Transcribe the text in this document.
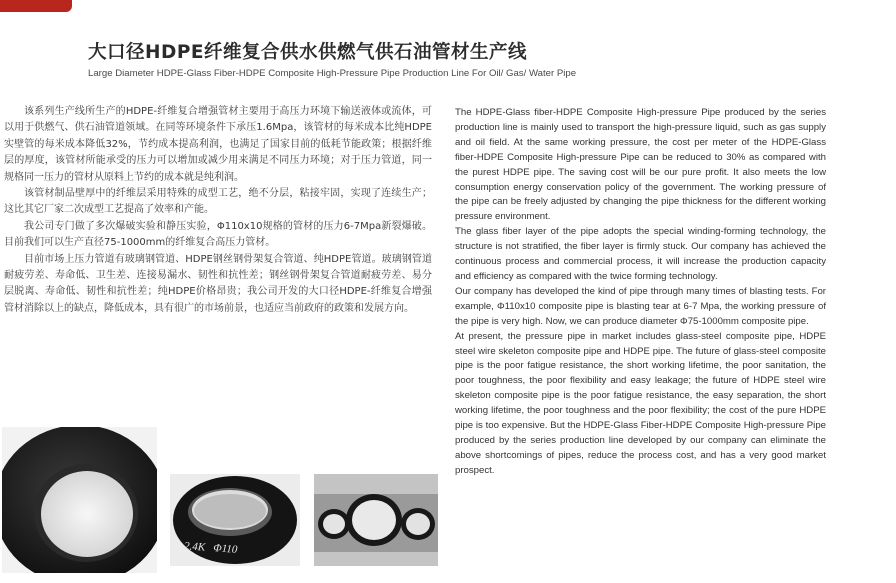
大口径HDPE纤维复合供水供燃气供石油管材生产线
Large Diameter HDPE-Glass Fiber-HDPE Composite High-Pressure Pipe Production Line For Oil/ Gas/ Water Pipe

该系列生产线所生产的HDPE-纤维复合增强管材主要用于高压力环境下输送液体或流体，可以用于供燃气、供石油管道领域。在同等环境条件下承压1.6Mpa，该管材的每米成本比纯HDPE实壁管的每米成本降低32%，节约成本提高利润，也满足了国家目前的低耗节能政策；根据纤维层的厚度，该管材所能承受的压力可以增加或减少用来满足不同压力环境；对于压力管道，同一规格同一压力的管材从原料上节约的成本就是纯利润。

该管材制品壁厚中的纤维层采用特殊的成型工艺，绝不分层，粘接牢固，实现了连续生产；这比其它厂家二次成型工艺提高了效率和产能。

我公司专门做了多次爆破实验和静压实验，Φ110x10规格的管材的压力6-7Mpa新裂爆破。目前我们可以生产直径75-1000mm的纤维复合高压力管材。

目前市场上压力管道有玻璃钢管道、HDPE钢丝钢骨架复合管道、纯HDPE管道。玻璃钢管道耐疲劳差、寿命低、卫生差、连接易漏水、韧性和抗性差；钢丝钢骨架复合管道耐疲劳差、易分层脱离、寿命低、韧性和抗性差；纯HDPE价格昂贵；我公司开发的大口径HDPE-纤维复合增强管材消除以上的缺点，降低成本，具有很广的市场前景，也适应当前政府的政策和发展方向。

The HDPE-Glass fiber-HDPE Composite High-pressure Pipe produced by the series production line is mainly used to transport the high-pressure liquid, such as gas supply and oil field. At the same working pressure, the cost per meter of the HDPE-Glass fiber-HDPE Composite High-pressure Pipe can be reduced to 30% as compared with the purest HDPE pipe. The saving cost will be our pure profit. It also meets the low consumption energy conservation policy of the government. The working pressure of the pipe can be freely adjusted by changing the pipe thickness for the different working pressure environment.

The glass fiber layer of the pipe adopts the special winding-forming technology, the structure is not stratified, the fiber layer is firmly stuck. Our company has achieved the continuous process and commercial process, it will increase the production capacity and efficiency as compared with the twice forming technology.

Our company has developed the kind of pipe through many times of blasting tests. For example, Φ110x10 composite pipe is blasting tear at 6-7 Mpa, the working pressure of the pipe is very high. Now, we can produce diameter Φ75-1000mm composite pipe.

At present, the pressure pipe in market includes glass-steel composite pipe, HDPE steel wire skeleton composite pipe and HDPE pipe. The future of glass-steel composite pipe is the poor fatigue resistance, the short working lifetime, the poor sanitation, the poor toughness, the poor flexibility and easy leakage; the future of HDPE steel wire skeleton composite pipe is the poor fatigue resistance, the easy separation, the short working lifetime, the poor toughness and the poor flexibility; the cost of the pure HDPE pipe is too expensive. But the HDPE-Glass Fiber-HDPE Composite High-pressure Pipe produced by the series production line developed by our company can eliminate the above shortcomings of pipes, reduce the process cost, and has a very good market prospect.

2.4K   Φ110
